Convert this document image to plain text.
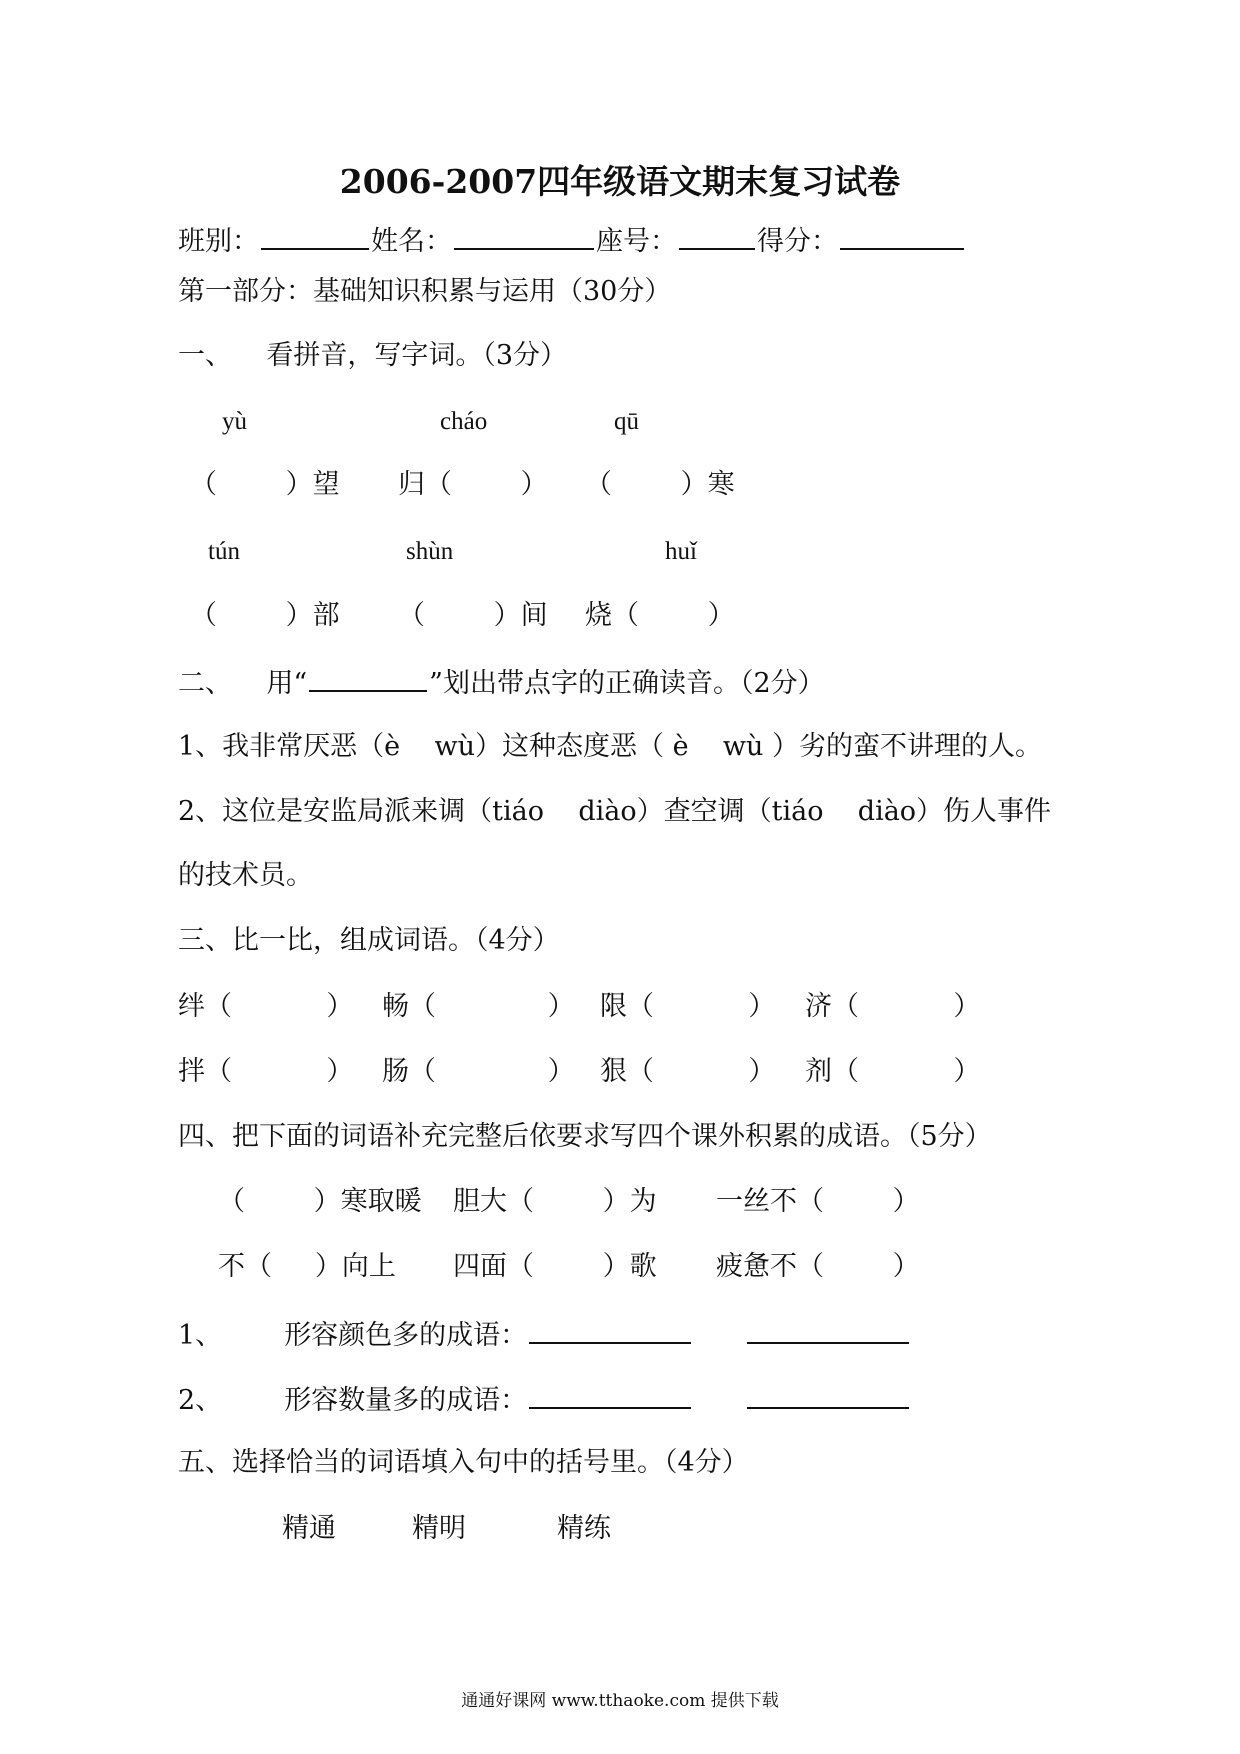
2006-2007四年级语文期末复习试卷
班别：	姓名：	座号：	得分：
第一部分：基础知识积累与运用（30分）
一、    看拼音，写字词。（3分）
yù	cháo	qū
（        ）望 归（        ） （        ）寒
tún	shùn	huǐ
（        ）部 （        ）间 烧（        ）
二、    用“	”划出带点字的正确读音。（2分）
1、我非常厌恶（è    wù）这种态度恶（ è    wù ）劣的蛮不讲理的人。
2、这位是安监局派来调（tiáo    diào）查空调（tiáo    diào）伤人事件
的技术员。
三、比一比，组成词语。（4分）
绊（           ） 畅（             ） 限（           ） 济（           ）
拌（           ） 肠（             ） 狠（           ） 剂（           ）
四、把下面的词语补充完整后依要求写四个课外积累的成语。（5分）
（        ）寒取暖 胆大（        ）为 一丝不（        ）
不（     ）向上 四面（        ）歌 疲惫不（        ）
1、 形容颜色多的成语：
2、 形容数量多的成语：
五、选择恰当的词语填入句中的括号里。（4分）
精通	精明	精练
通通好课网 www.tthaoke.com 提供下载
